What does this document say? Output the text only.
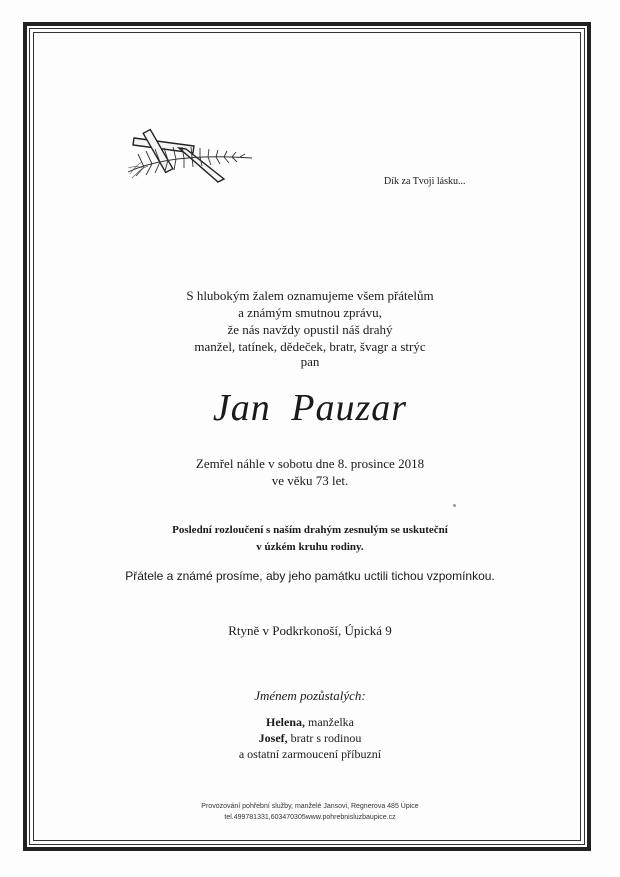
Dík za Tvoji lásku...
S hlubokým žalem oznamujeme všem přátelům
a známým smutnou zprávu,
že nás navždy opustil náš drahý
manžel, tatínek, dědeček, bratr, švagr a strýc
pan
Jan Pauzar
Zemřel náhle v sobotu dne 8. prosince 2018
ve věku 73 let.
Poslední rozloučení s naším drahým zesnulým se uskuteční
v úzkém kruhu rodiny.
Přátele a známé prosíme, aby jeho památku uctili tichou vzpomínkou.
Rtyně v Podkrkonoší, Úpická 9
Jménem pozůstalých:
Helena, manželka
Josef, bratr s rodinou
a ostatní zarmoucení příbuzní
Provozování pohřební služby, manželé Jansovi, Regnerova 485 Úpice
tel.499781331,603470305www.pohrebnisluzbaupice.cz
